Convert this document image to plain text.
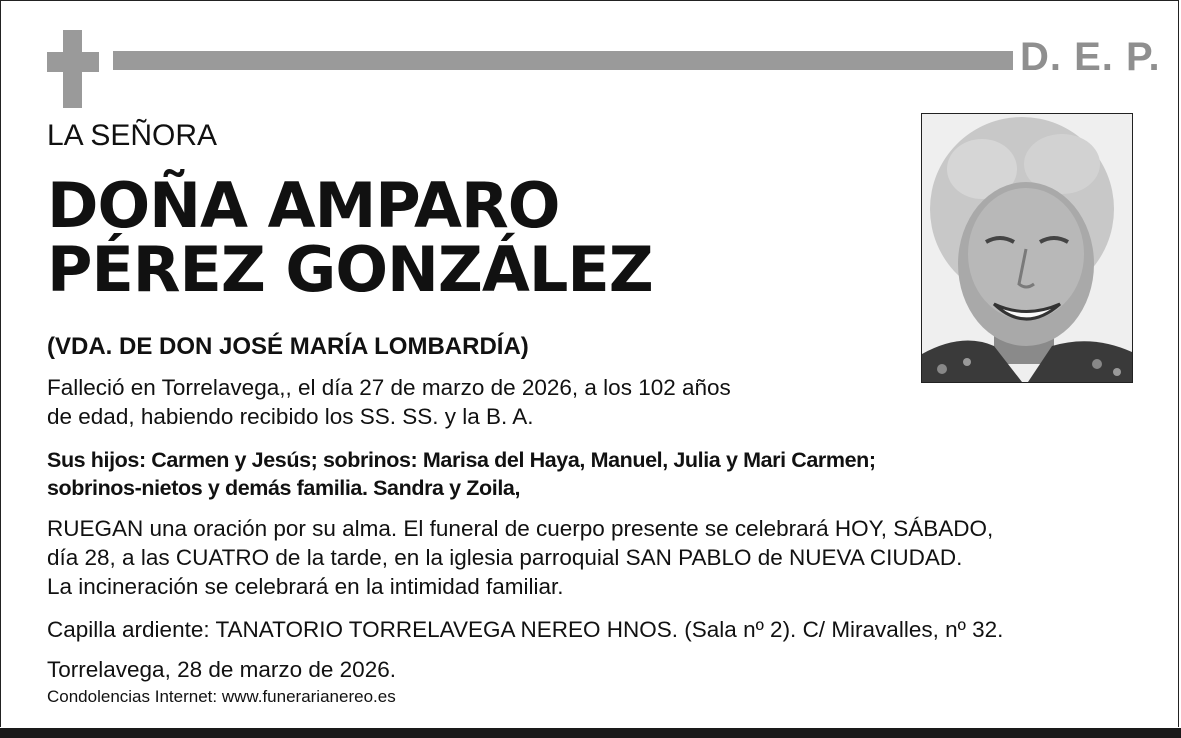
D. E. P.
LA SEÑORA
DOÑA AMPARO
PÉREZ GONZÁLEZ
(VDA. DE DON JOSÉ MARÍA LOMBARDÍA)
Falleció en Torrelavega,, el día 27 de marzo de 2026, a los 102 años
de edad, habiendo recibido los SS. SS. y la B. A.
Sus hijos: Carmen y Jesús; sobrinos: Marisa del Haya, Manuel, Julia y Mari Carmen;
sobrinos-nietos y demás familia. Sandra y Zoila,
RUEGAN una oración por su alma. El funeral de cuerpo presente se celebrará HOY, SÁBADO,
día 28, a las CUATRO de la tarde, en la iglesia parroquial SAN PABLO de NUEVA CIUDAD.
La incineración se celebrará en la intimidad familiar.
Capilla ardiente: TANATORIO TORRELAVEGA NEREO HNOS. (Sala nº 2). C/ Miravalles, nº 32.
Torrelavega, 28 de marzo de 2026.
Condolencias Internet: www.funerarianereo.es
